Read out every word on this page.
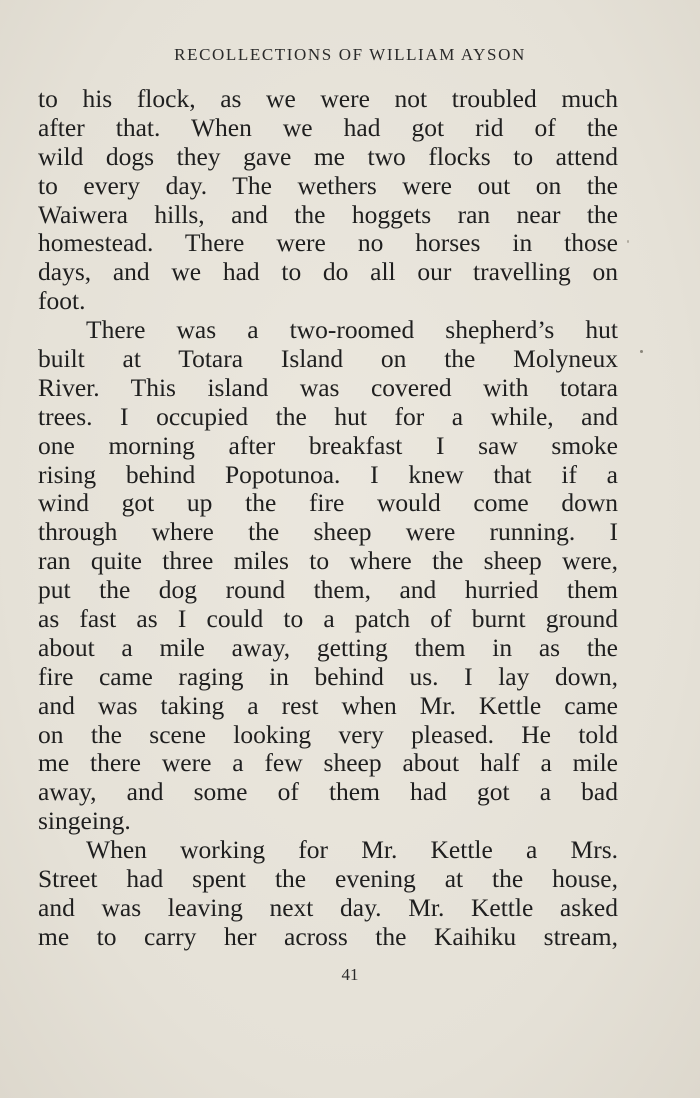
RECOLLECTIONS OF WILLIAM AYSON
to his flock, as we were not troubled much
after that. When we had got rid of the
wild dogs they gave me two flocks to attend
to every day. The wethers were out on the
Waiwera hills, and the hoggets ran near the
homestead. There were no horses in those
days, and we had to do all our travelling on
foot.
There was a two-roomed shepherd’s hut
built at Totara Island on the Molyneux
River. This island was covered with totara
trees. I occupied the hut for a while, and
one morning after breakfast I saw smoke
rising behind Popotunoa. I knew that if a
wind got up the fire would come down
through where the sheep were running. I
ran quite three miles to where the sheep were,
put the dog round them, and hurried them
as fast as I could to a patch of burnt ground
about a mile away, getting them in as the
fire came raging in behind us. I lay down,
and was taking a rest when Mr. Kettle came
on the scene looking very pleased. He told
me there were a few sheep about half a mile
away, and some of them had got a bad
singeing.
When working for Mr. Kettle a Mrs.
Street had spent the evening at the house,
and was leaving next day. Mr. Kettle asked
me to carry her across the Kaihiku stream,
41
